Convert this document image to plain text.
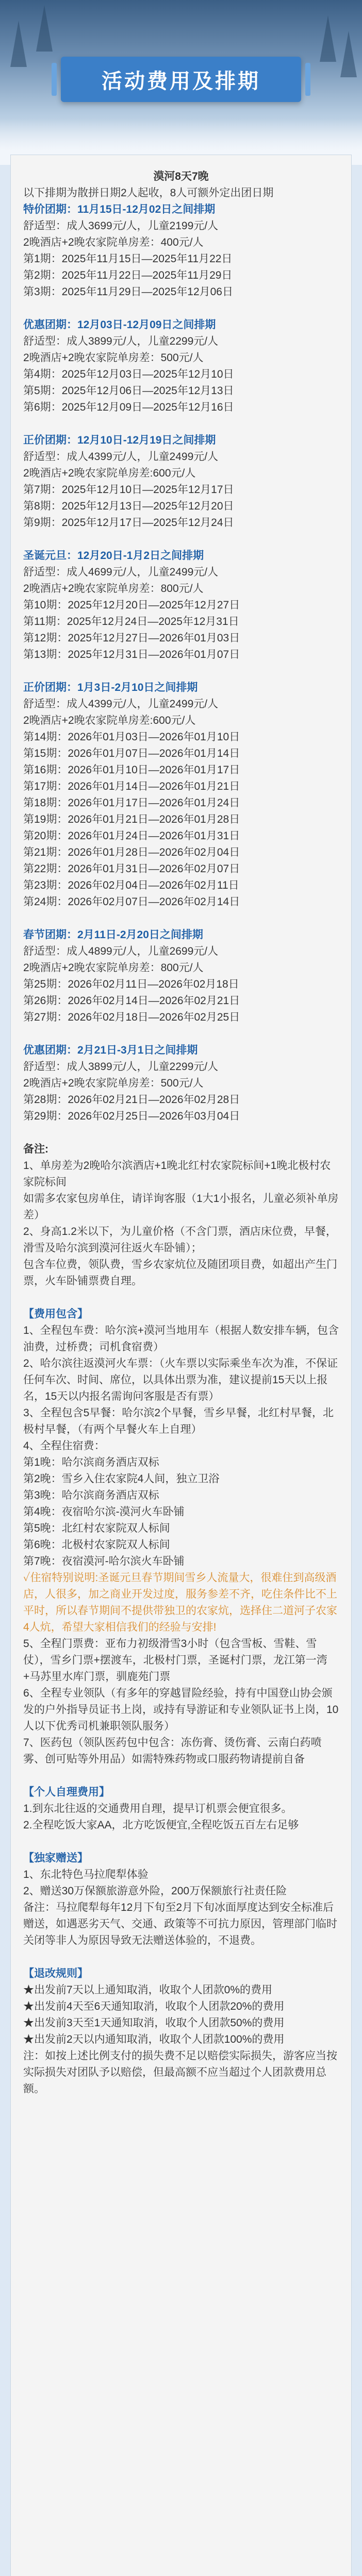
活动费用及排期
漠河8天7晚
以下排期为散拼日期2人起收，8人可额外定出团日期
特价团期：11月15日-12月02日之间排期
舒适型：成人3699元/人，儿童2199元/人
2晚酒店+2晚农家院单房差：400元/人
第1期：2025年11月15日—2025年11月22日
第2期：2025年11月22日—2025年11月29日
第3期：2025年11月29日—2025年12月06日
优惠团期：12月03日-12月09日之间排期
舒适型：成人3899元/人，儿童2299元/人
2晚酒店+2晚农家院单房差：500元/人
第4期：2025年12月03日—2025年12月10日
第5期：2025年12月06日—2025年12月13日
第6期：2025年12月09日—2025年12月16日
正价团期：12月10日-12月19日之间排期
舒适型：成人4399元/人，儿童2499元/人
2晚酒店+2晚农家院单房差:600元/人
第7期：2025年12月10日—2025年12月17日
第8期：2025年12月13日—2025年12月20日
第9期：2025年12月17日—2025年12月24日
圣诞元旦：12月20日-1月2日之间排期
舒适型：成人4699元/人，儿童2499元/人
2晚酒店+2晚农家院单房差：800元/人
第10期：2025年12月20日—2025年12月27日
第11期：2025年12月24日—2025年12月31日
第12期：2025年12月27日—2026年01月03日
第13期：2025年12月31日—2026年01月07日
正价团期：1月3日-2月10日之间排期
舒适型：成人4399元/人，儿童2499元/人
2晚酒店+2晚农家院单房差:600元/人
第14期：2026年01月03日—2026年01月10日
第15期：2026年01月07日—2026年01月14日
第16期：2026年01月10日—2026年01月17日
第17期：2026年01月14日—2026年01月21日
第18期：2026年01月17日—2026年01月24日
第19期：2026年01月21日—2026年01月28日
第20期：2026年01月24日—2026年01月31日
第21期：2026年01月28日—2026年02月04日
第22期：2026年01月31日—2026年02月07日
第23期：2026年02月04日—2026年02月11日
第24期：2026年02月07日—2026年02月14日
春节团期：2月11日-2月20日之间排期
舒适型：成人4899元/人，儿童2699元/人
2晚酒店+2晚农家院单房差：800元/人
第25期：2026年02月11日—2026年02月18日
第26期：2026年02月14日—2026年02月21日
第27期：2026年02月18日—2026年02月25日
优惠团期：2月21日-3月1日之间排期
舒适型：成人3899元/人，儿童2299元/人
2晚酒店+2晚农家院单房差：500元/人
第28期：2026年02月21日—2026年02月28日
第29期：2026年02月25日—2026年03月04日
备注:
1、单房差为2晚哈尔滨酒店+1晚北红村农家院标间+1晚北极村农家院标间
如需多农家包房单住，请详询客服（1大1小报名，儿童必须补单房差）
2、身高1.2米以下，为儿童价格（不含门票，酒店床位费，早餐，滑雪及哈尔滨到漠河往返火车卧铺）；
包含车位费，领队费，雪乡农家炕位及随团项目费，如超出产生门票，火车卧铺票费自理。
【费用包含】
1、全程包车费：哈尔滨+漠河当地用车（根据人数安排车辆，包含油费，过桥费；司机食宿费）
2、哈尔滨往返漠河火车票：（火车票以实际乘坐车次为准，不保证任何车次、时间、席位，以具体出票为准，建议提前15天以上报名，15天以内报名需询问客服是否有票）
3、全程包含5早餐：哈尔滨2个早餐，雪乡早餐，北红村早餐，北极村早餐，（有两个早餐火车上自理）
4、全程住宿费：
第1晚：哈尔滨商务酒店双标
第2晚：雪乡入住农家院4人间，独立卫浴
第3晚：哈尔滨商务酒店双标
第4晚：夜宿哈尔滨-漠河火车卧铺
第5晚：北红村农家院双人标间
第6晚：北极村农家院双人标间
第7晚：夜宿漠河-哈尔滨火车卧铺
✓住宿特别说明:圣诞元旦春节期间雪乡人流量大，很难住到高级酒店，人很多，加之商业开发过度，服务参差不齐，吃住条件比不上平时，所以春节期间不提供带独卫的农家炕，选择住二道河子农家4人炕，希望大家相信我们的经验与安排!
5、全程门票费：亚布力初级滑雪3小时（包含雪板、雪鞋、雪仗），雪乡门票+摆渡车，北极村门票，圣诞村门票，龙江第一湾+马苏里水库门票，驯鹿苑门票
6、全程专业领队（有多年的穿越冒险经验，持有中国登山协会颁发的户外指导员证书上岗，或持有导游证和专业领队证书上岗，10人以下优秀司机兼职领队服务）
7、医药包（领队医药包中包含：冻伤膏、烫伤膏、云南白药喷雾、创可贴等外用品）如需特殊药物或口服药物请提前自备
【个人自理费用】
1.到东北往返的交通费用自理，提早订机票会便宜很多。
2.全程吃饭大家AA，北方吃饭便宜,全程吃饭五百左右足够
【独家赠送】
1、东北特色马拉爬犁体验
2、赠送30万保额旅游意外险，200万保额旅行社责任险
备注：马拉爬犁每年12月下旬至2月下旬冰面厚度达到安全标准后赠送，如遇恶劣天气、交通、政策等不可抗力原因，管理部门临时关闭等非人为原因导致无法赠送体验的，不退费。
【退改规则】
★出发前7天以上通知取消，收取个人团款0%的费用
★出发前4天至6天通知取消，收取个人团款20%的费用
★出发前3天至1天通知取消，收取个人团款50%的费用
★出发前2天以内通知取消，收取个人团款100%的费用
注：如按上述比例支付的损失费不足以赔偿实际损失，游客应当按实际损失对团队予以赔偿，但最高额不应当超过个人团款费用总额。
